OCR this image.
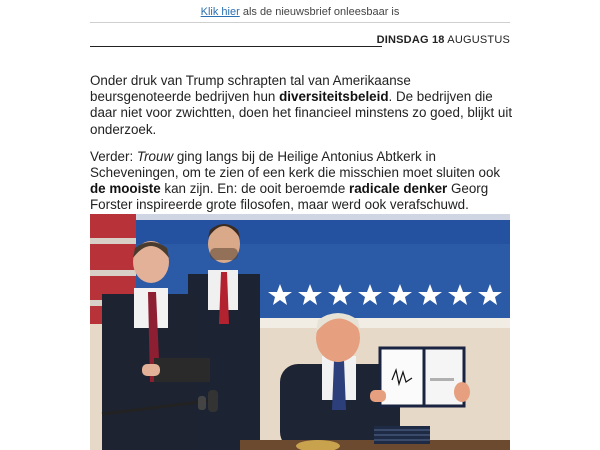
Klik hier als de nieuwsbrief onleesbaar is
DINSDAG 18 AUGUSTUS

Onder druk van Trump schrapten tal van Amerikaanse beursgenoteerde bedrijven hun diversiteitsbeleid. De bedrijven die daar niet voor zwichtten, doen het financieel minstens zo goed, blijkt uit onderzoek.

Verder: Trouw ging langs bij de Heilige Antonius Abtkerk in Scheveningen, om te zien of een kerk die misschien moet sluiten ook de mooiste kan zijn. En: de ooit beroemde radicale denker Georg Forster inspireerde grote filosofen, maar werd ook verafschuwd.
